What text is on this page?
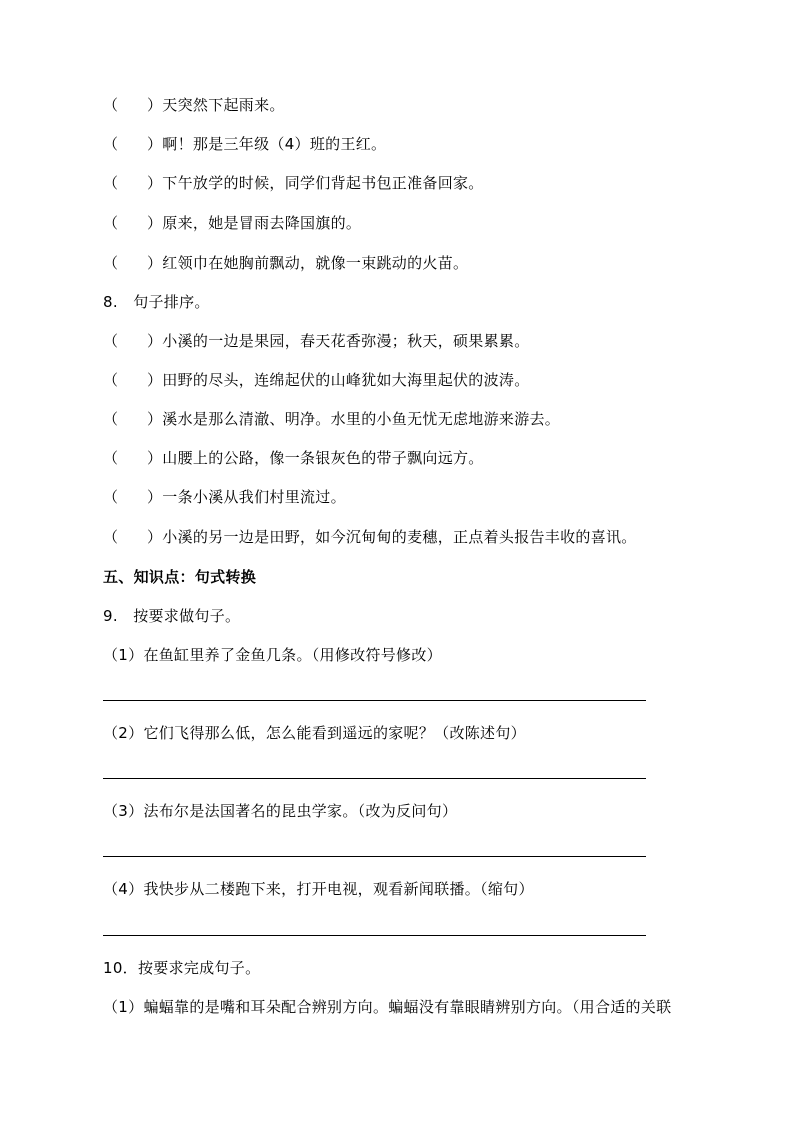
（ ）天突然下起雨来。
（ ）啊！那是三年级（4）班的王红。
（ ）下午放学的时候，同学们背起书包正准备回家。
（ ）原来，她是冒雨去降国旗的。
（ ）红领巾在她胸前飘动，就像一束跳动的火苗。
8.　句子排序。
（ ）小溪的一边是果园，春天花香弥漫；秋天，硕果累累。
（ ）田野的尽头，连绵起伏的山峰犹如大海里起伏的波涛。
（ ）溪水是那么清澈、明净。水里的小鱼无忧无虑地游来游去。
（ ）山腰上的公路，像一条银灰色的带子飘向远方。
（ ）一条小溪从我们村里流过。
（ ）小溪的另一边是田野，如今沉甸甸的麦穗，正点着头报告丰收的喜讯。
五、知识点：句式转换
9.　按要求做句子。
（1）在鱼缸里养了金鱼几条。（用修改符号修改）
（2）它们飞得那么低，怎么能看到遥远的家呢？（改陈述句）
（3）法布尔是法国著名的昆虫学家。（改为反问句）
（4）我快步从二楼跑下来，打开电视，观看新闻联播。（缩句）
10．按要求完成句子。
（1）蝙蝠靠的是嘴和耳朵配合辨别方向。蝙蝠没有靠眼睛辨别方向。（用合适的关联
